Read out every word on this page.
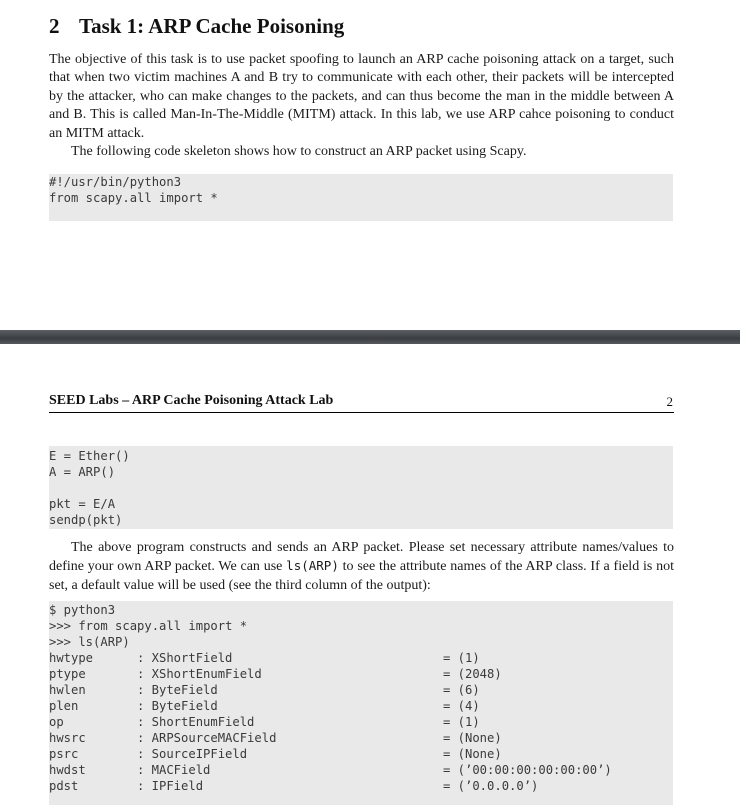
2 Task 1: ARP Cache Poisoning

The objective of this task is to use packet spoofing to launch an ARP cache poisoning attack on a target, such that when two victim machines A and B try to communicate with each other, their packets will be intercepted by the attacker, who can make changes to the packets, and can thus become the man in the middle between A and B. This is called Man-In-The-Middle (MITM) attack. In this lab, we use ARP cahce poisoning to conduct an MITM attack.

The following code skeleton shows how to construct an ARP packet using Scapy.

#!/usr/bin/python3
from scapy.all import *
SEED Labs – ARP Cache Poisoning Attack Lab	2
E = Ether()
A = ARP()
pkt = E/A
sendp(pkt)

The above program constructs and sends an ARP packet. Please set necessary attribute names/values to define your own ARP packet. We can use ls(ARP) to see the attribute names of the ARP class. If a field is not set, a default value will be used (see the third column of the output):

$ python3
>>> from scapy.all import *
>>> ls(ARP)
hwtype	: XShortField	= (1)
ptype	: XShortEnumField	= (2048)
hwlen	: ByteField	= (6)
plen	: ByteField	= (4)
op	: ShortEnumField	= (1)
hwsrc	: ARPSourceMACField	= (None)
psrc	: SourceIPField	= (None)
hwdst	: MACField	= (’00:00:00:00:00:00’)
pdst	: IPField	= (’0.0.0.0’)
